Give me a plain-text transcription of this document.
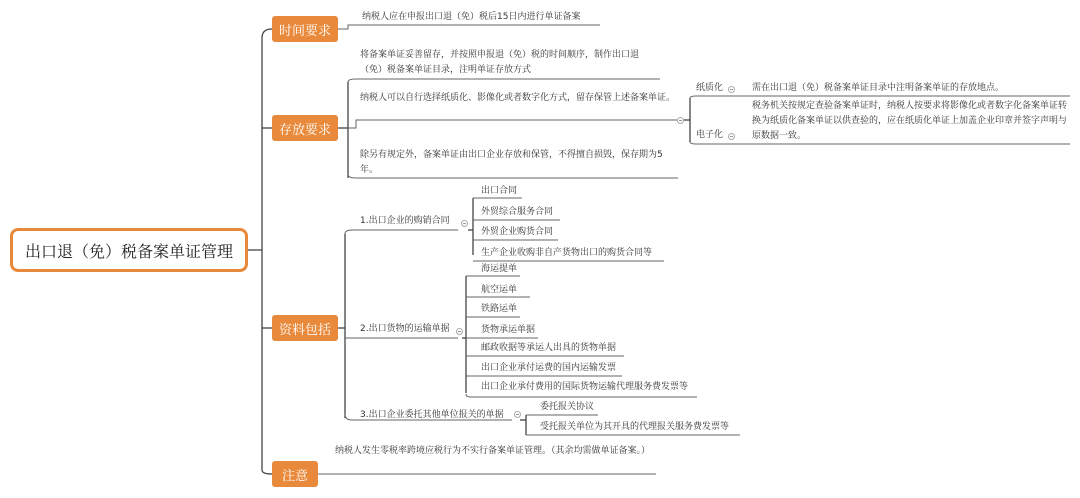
出口退（免）税备案单证管理
时间要求
纳税人应在申报出口退（免）税后15日内进行单证备案
存放要求
将备案单证妥善留存，并按照申报退（免）税的时间顺序，制作出口退（免）税备案单证目录，注明单证存放方式
纳税人可以自行选择纸质化、影像化或者数字化方式，留存保管上述备案单证。
纸质化	需在出口退（免）税备案单证目录中注明备案单证的存放地点。
电子化
税务机关按规定查验备案单证时，纳税人按要求将影像化或者数字化备案单证转换为纸质化备案单证以供查验的，应在纸质化单证上加盖企业印章并签字声明与原数据一致。
除另有规定外，备案单证由出口企业存放和保管，不得擅自损毁，保存期为5年。
资料包括
1.出口企业的购销合同
出口合同
外贸综合服务合同
外贸企业购货合同
生产企业收购非自产货物出口的购货合同等
2.出口货物的运输单据
海运提单
航空运单
铁路运单
货物承运单据
邮政收据等承运人出具的货物单据
出口企业承付运费的国内运输发票
出口企业承付费用的国际货物运输代理服务费发票等
3.出口企业委托其他单位报关的单据
委托报关协议
受托报关单位为其开具的代理报关服务费发票等
注意
纳税人发生零税率跨境应税行为不实行备案单证管理。（其余均需做单证备案。）
